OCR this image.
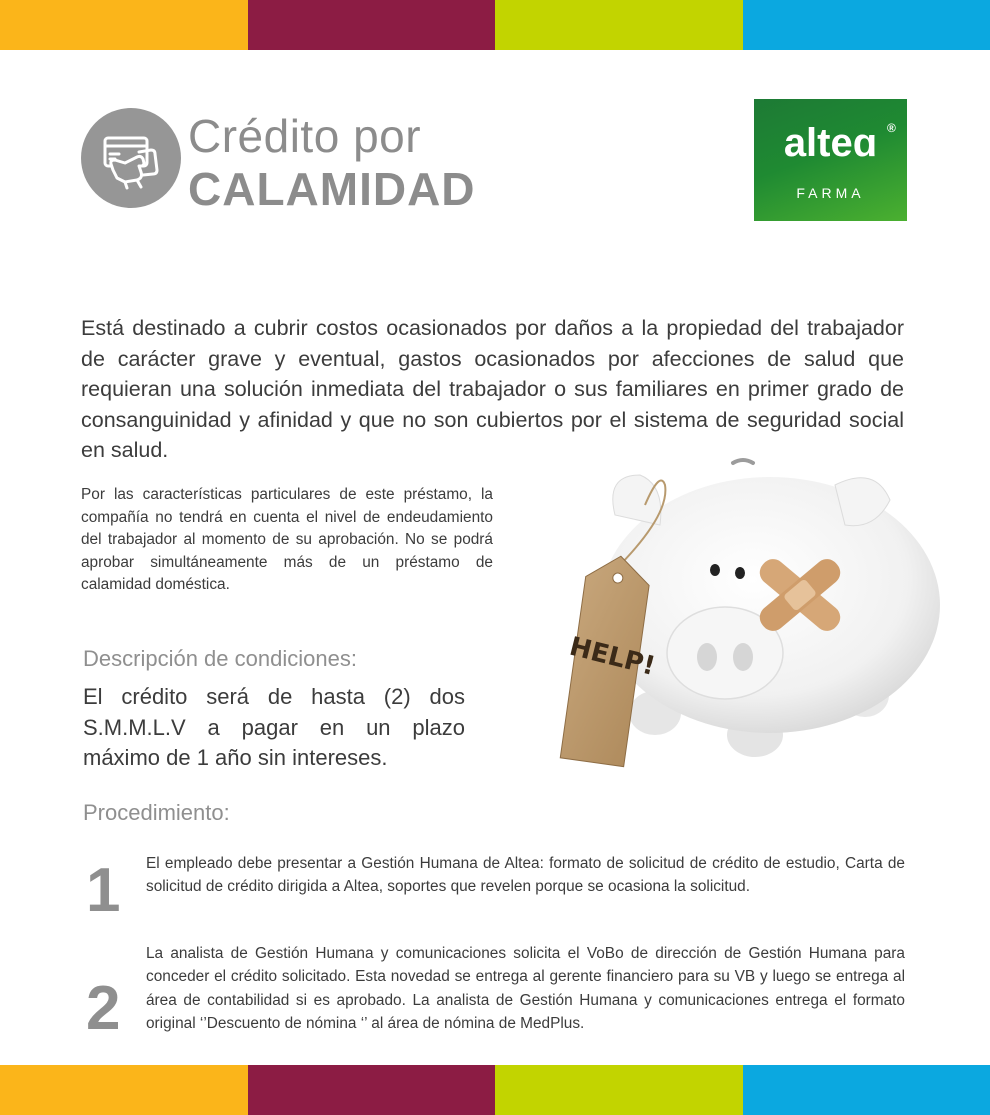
Crédito por
CALAMIDAD
alteɑ ®
FARMA

Está destinado a cubrir costos ocasionados por daños a la propiedad del trabajador de carácter grave y eventual, gastos ocasionados por afecciones de salud que requieran una solución inmediata del trabajador o sus familiares en primer grado de consanguinidad y afinidad y que no son cubiertos por el sistema de seguridad social en salud.

Por las características particulares de este préstamo, la compañía no tendrá en cuenta el nivel de endeudamiento del trabajador al momento de su aprobación. No se podrá aprobar simultáneamente más de un préstamo de calamidad doméstica.

Descripción de condiciones:

El crédito será de hasta (2) dos S.M.M.L.V a pagar en un plazo máximo de 1 año sin intereses.

HELP!
Procedimiento:
1 El empleado debe presentar a Gestión Humana de Altea: formato de solicitud de crédito de estudio, Carta de solicitud de crédito dirigida a Altea, soportes que revelen porque se ocasiona la solicitud.

2

La analista de Gestión Humana y comunicaciones solicita el VoBo de dirección de Gestión Humana para conceder el crédito solicitado. Esta novedad se entrega al gerente financiero para su VB y luego se entrega al área de contabilidad si es aprobado. La analista de Gestión Humana y comunicaciones entrega el formato original ‘’Descuento de nómina ‘’ al área de nómina de MedPlus.
